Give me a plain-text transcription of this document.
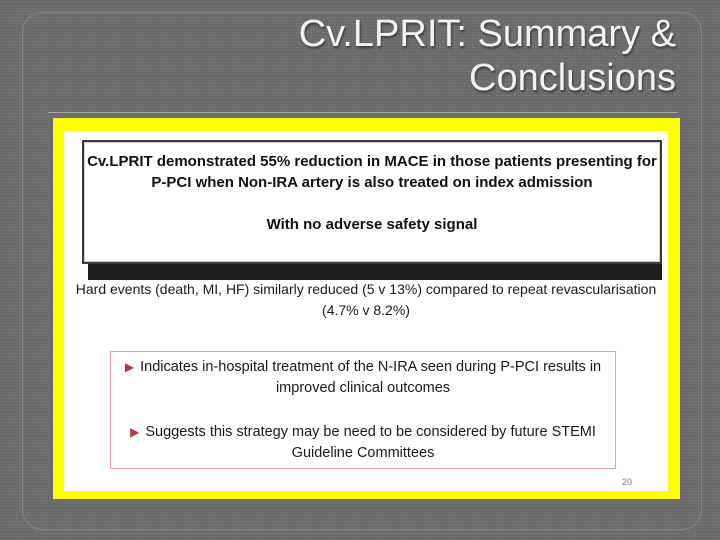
Cv.LPRIT: Summary & Conclusions
Cv.LPRIT demonstrated 55% reduction in MACE in those patients presenting for P-PCI when Non-IRA artery is also treated on index admission
With no adverse safety signal
Hard events (death, MI, HF) similarly reduced (5 v 13%) compared to repeat revascularisation (4.7% v 8.2%)
▶ Indicates in-hospital treatment of the N-IRA seen during P-PCI results in improved clinical outcomes
▶ Suggests this strategy may be need to be considered by future STEMI Guideline Committees
20
